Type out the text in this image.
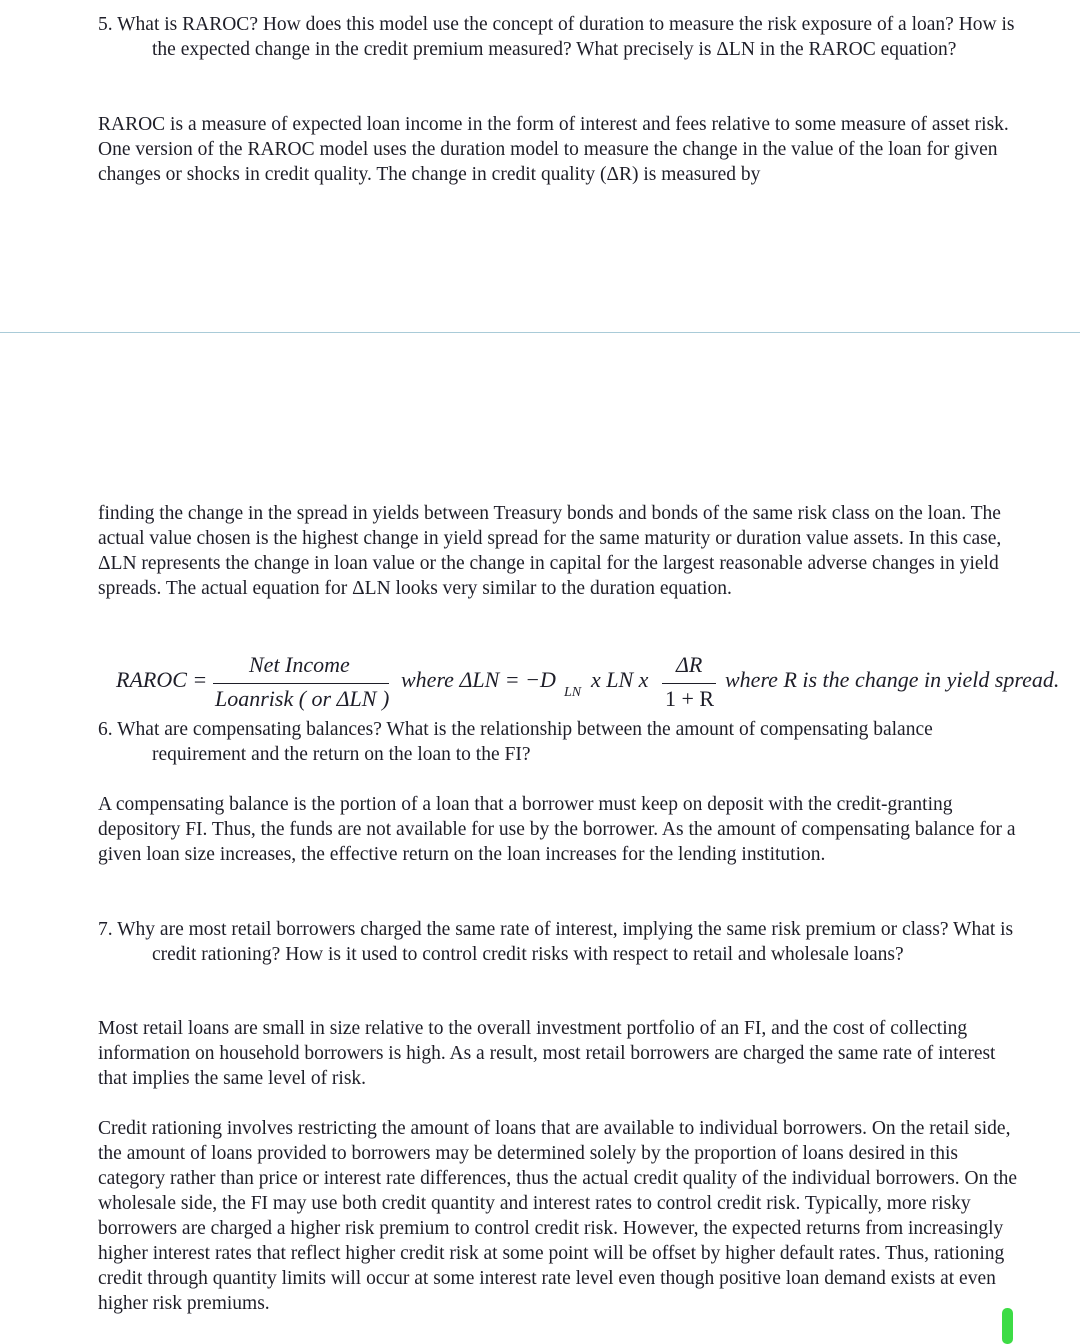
5. What is RAROC? How does this model use the concept of duration to measure the risk exposure of a loan? How is the expected change in the credit premium measured? What precisely is ΔLN in the RAROC equation?

RAROC is a measure of expected loan income in the form of interest and fees relative to some measure of asset risk. One version of the RAROC model uses the duration model to measure the change in the value of the loan for given changes or shocks in credit quality. The change in credit quality (ΔR) is measured by

finding the change in the spread in yields between Treasury bonds and bonds of the same risk class on the loan. The actual value chosen is the highest change in yield spread for the same maturity or duration value assets. In this case, ΔLN represents the change in loan value or the change in capital for the largest reasonable adverse changes in yield spreads. The actual equation for ΔLN looks very similar to the duration equation.

RAROC =
Net Income
Loanrisk ( or ΔLN )
where ΔLN = −D
LN
x LN x
ΔR
1 + R
where R is the change in yield spread.

6. What are compensating balances? What is the relationship between the amount of compensating balance requirement and the return on the loan to the FI?

A compensating balance is the portion of a loan that a borrower must keep on deposit with the credit-granting depository FI. Thus, the funds are not available for use by the borrower. As the amount of compensating balance for a given loan size increases, the effective return on the loan increases for the lending institution.

7. Why are most retail borrowers charged the same rate of interest, implying the same risk premium or class? What is credit rationing? How is it used to control credit risks with respect to retail and wholesale loans?

Most retail loans are small in size relative to the overall investment portfolio of an FI, and the cost of collecting information on household borrowers is high. As a result, most retail borrowers are charged the same rate of interest that implies the same level of risk.

Credit rationing involves restricting the amount of loans that are available to individual borrowers. On the retail side, the amount of loans provided to borrowers may be determined solely by the proportion of loans desired in this category rather than price or interest rate differences, thus the actual credit quality of the individual borrowers. On the wholesale side, the FI may use both credit quantity and interest rates to control credit risk. Typically, more risky borrowers are charged a higher risk premium to control credit risk. However, the expected returns from increasingly higher interest rates that reflect higher credit risk at some point will be offset by higher default rates. Thus, rationing credit through quantity limits will occur at some interest rate level even though positive loan demand exists at even higher risk premiums.
